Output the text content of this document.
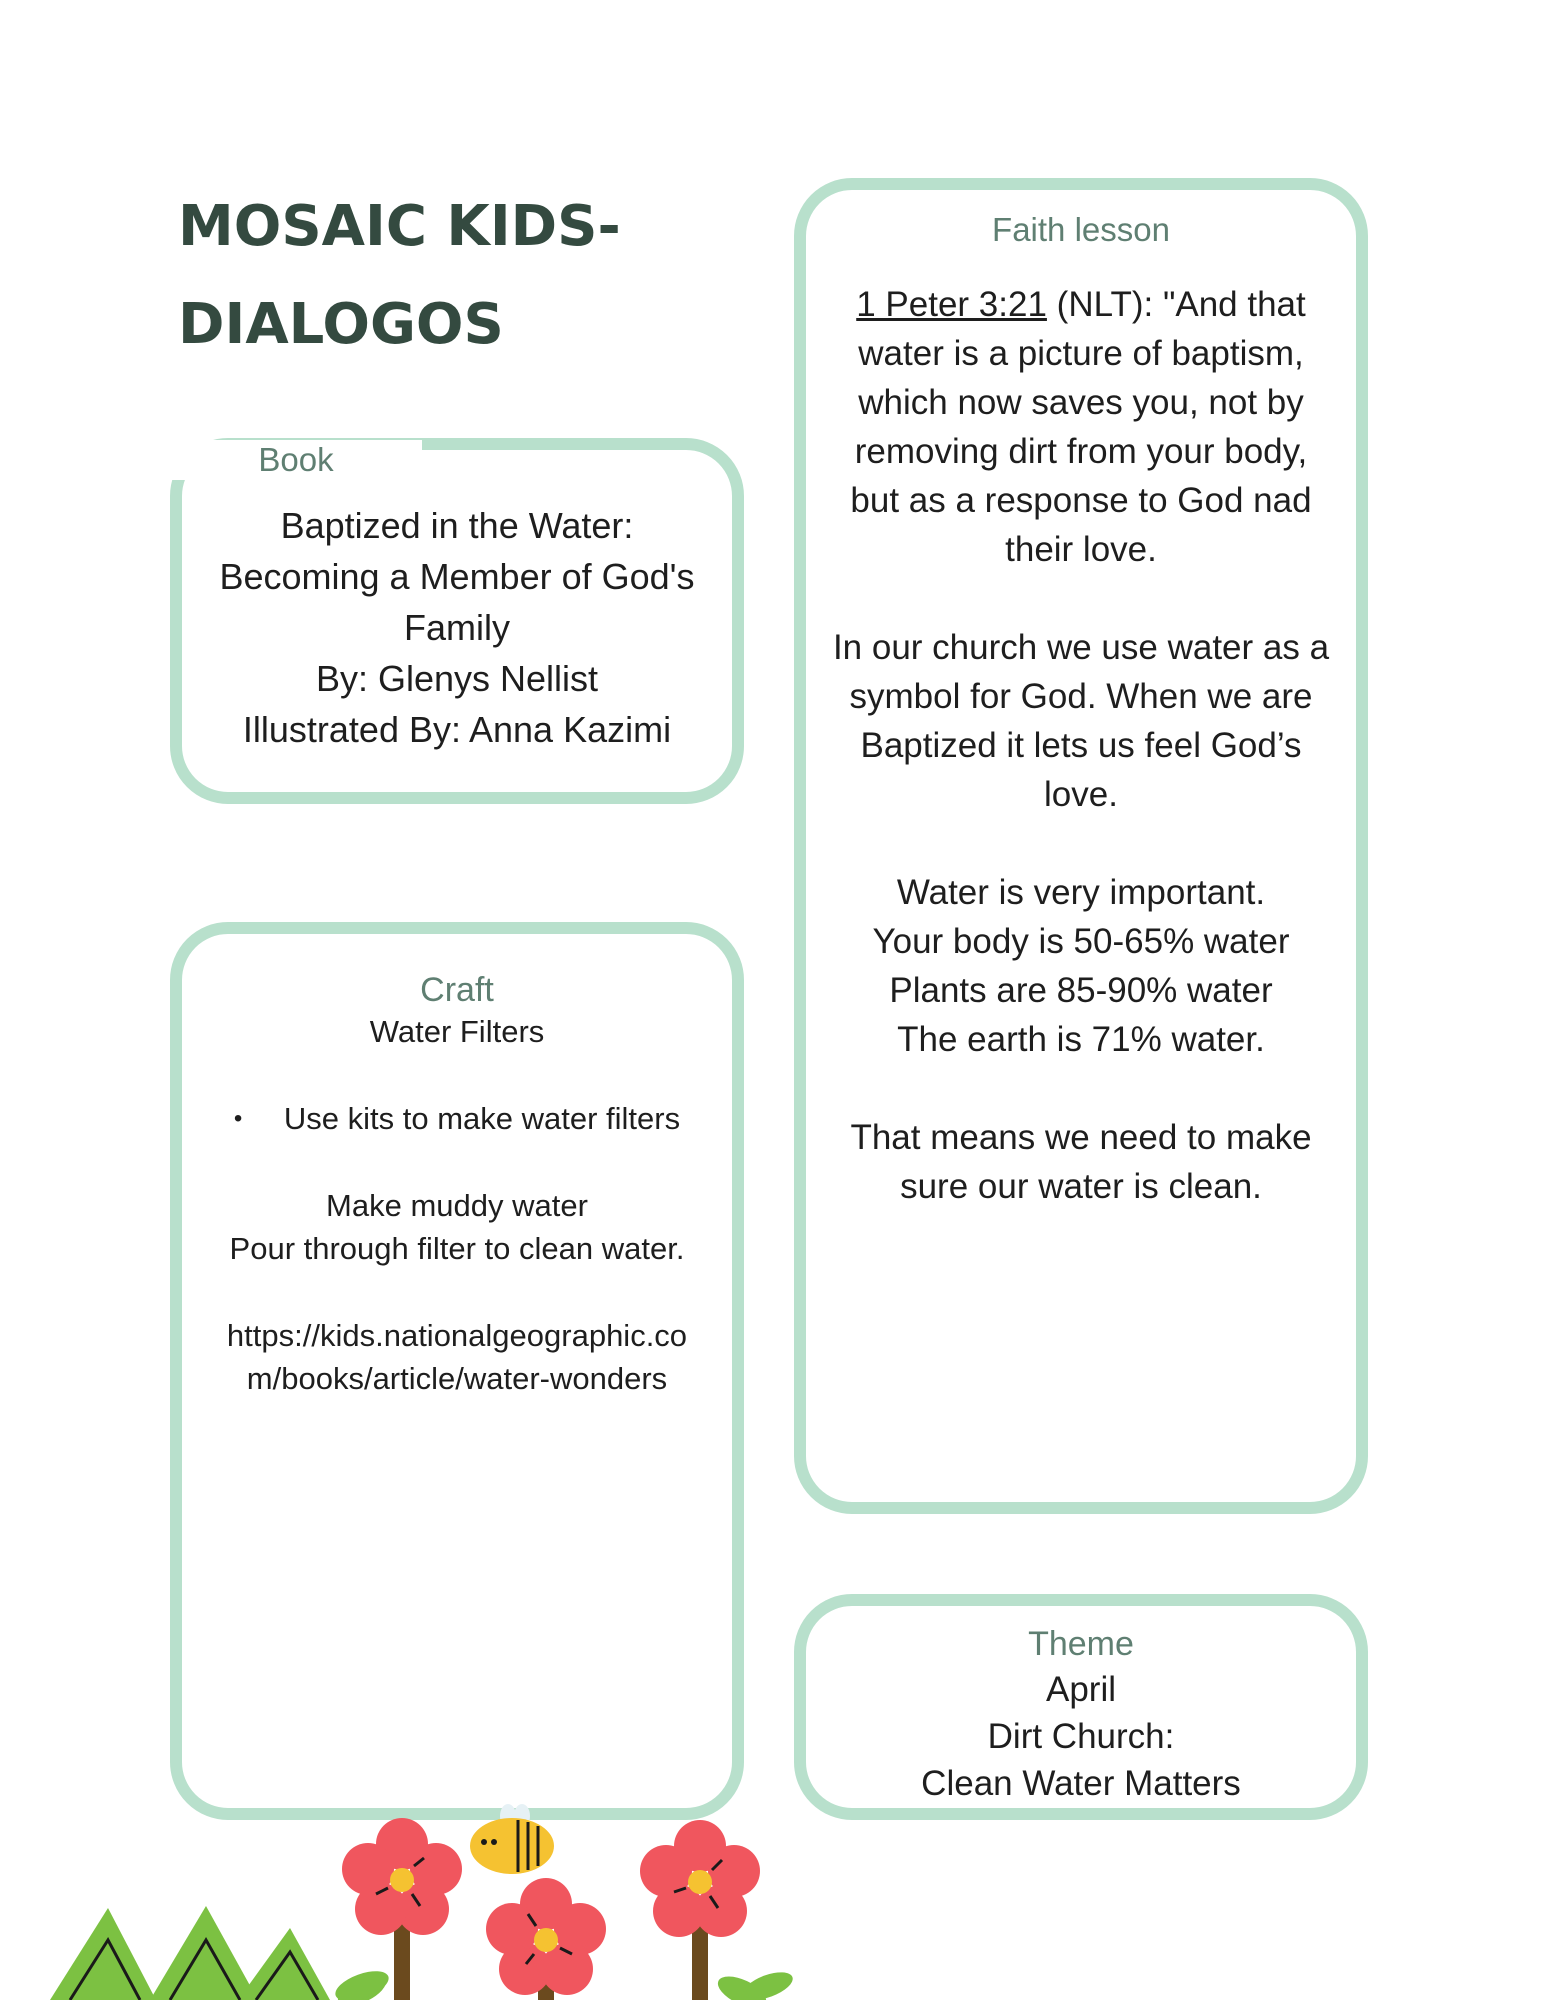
MOSAIC KIDS-
DIALOGOS
Book

Baptized in the Water:

Becoming a Member of God's

Family

By: Glenys Nellist

Illustrated By: Anna Kazimi

Craft
Water Filters
•	Use kits to make water filters
Make muddy water
Pour through filter to clean water.
https://kids.nationalgeographic.co
m/books/article/water-wonders
Faith lesson

1 Peter 3:21 (NLT): "And that

water is a picture of baptism,

which now saves you, not by

removing dirt from your body,

but as a response to God nad

their love.

In our church we use water as a

symbol for God. When we are

Baptized it lets us feel God’s

love.

Water is very important.

Your body is 50-65% water

Plants are 85-90% water

The earth is 71% water.

That means we need to make

sure our water is clean.

Theme
April
Dirt Church:
Clean Water Matters
